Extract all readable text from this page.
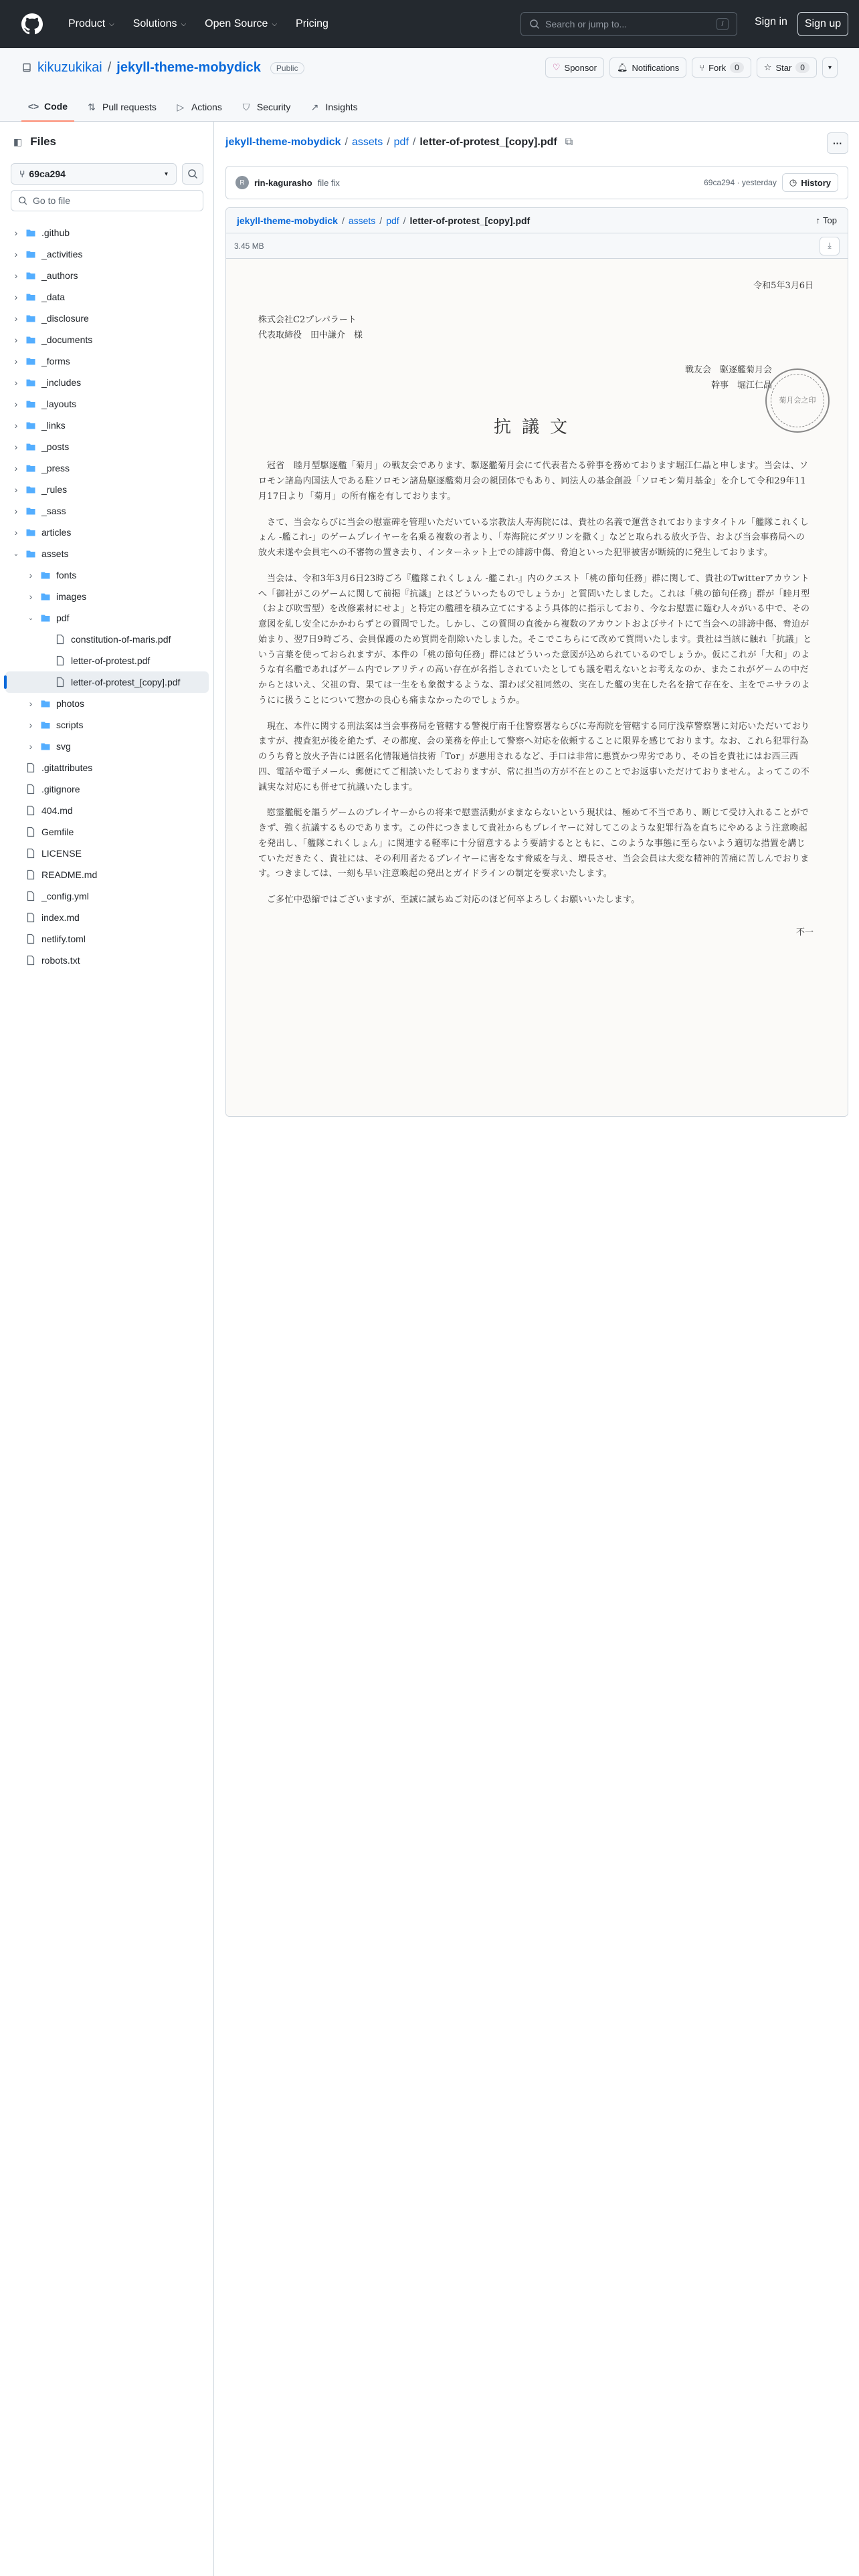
Product ⌵ Solutions ⌵ Open Source ⌵ Pricing	Search or jump to...	/	Sign in	Sign up
kikuzukikai / jekyll-theme-mobydick	Public	♡ Sponsor 🔔︎ Notifications ⑂ Fork	0	☆ Star	0	▾
<> Code ⇅ Pull requests ▷ Actions ⛉ Security ↗ Insights
◧ Files
⑂ 69ca294	▾
Go to file
›	.github
›	_activities
›	_authors
›	_data
›	_disclosure
›	_documents
›	_forms
›	_includes
›	_layouts
›	_links
›	_posts
›	_press
›	_rules
›	_sass
›	articles
⌄ assets
›	fonts
›	images
⌄ pdf
constitution-of-maris.pdf
letter-of-protest.pdf
letter-of-protest_[copy].pdf
›	photos
›	scripts
›	svg
.gitattributes
.gitignore
404.md
Gemfile
LICENSE
README.md
_config.yml
index.md
netlify.toml
robots.txt
jekyll-theme-mobydick / assets / pdf / letter-of-protest_[copy].pdf ⧉	···
R	rin-kagurasho file fix	69ca294 · yesterday ◷ History
jekyll-theme-mobydick / assets / pdf / letter-of-protest_[copy].pdf	↑ Top
3.45 MB	⤓
令和5年3月6日
株式会社C2プレパラート
代表取締役　田中謙介　様
戦友会　駆逐艦菊月会
幹事　堀江仁晶
菊月会之印
抗議文
冠省　睦月型駆逐艦「菊月」の戦友会であります、駆逐艦菊月会にて代表者たる幹事を務めております堀江仁晶と申します。当会は、ソロモン諸島内国法人である駐ソロモン諸島駆逐艦菊月会の親団体でもあり、同法人の基金創設「ソロモン菊月基金」を介して令和29年11月17日より「菊月」の所有権を有しております。
さて、当会ならびに当会の慰霊碑を管理いただいている宗教法人寿海院には、貴社の名義で運営されておりますタイトル「艦隊これくしょん -艦これ-」のゲームプレイヤーを名乗る複数の者より、「寿海院にダツリンを撒く」などと取られる放火予告、および当会事務局への放火未遂や会員宅への不審物の置き去り、インターネット上での誹謗中傷、脅迫といった犯罪被害が断続的に発生しております。
当会は、令和3年3月6日23時ごろ『艦隊これくしょん -艦これ-』内のクエスト「桃の節句任務」群に関して、貴社のTwitterアカウントへ「御社がこのゲームに関して前掲『抗議』とはどういったものでしょうか」と質問いたしました。これは「桃の節句任務」群が「睦月型（および吹雪型）を改修素材にせよ」と特定の艦種を積み立てにするよう具体的に指示しており、今なお慰霊に臨む人々がいる中で、その意図を糺し安全にかかわらずとの質問でした。しかし、この質問の直後から複数のアカウントおよびサイトにて当会への誹謗中傷、脅迫が始まり、翌7日9時ごろ、会員保護のため質問を削除いたしました。そこでこちらにて改めて質問いたします。貴社は当該に触れ「抗議」という言葉を使っておられますが、本件の「桃の節句任務」群にはどういった意図が込められているのでしょうか。仮にこれが「大和」のような有名艦であればゲーム内でレアリティの高い存在が名指しされていたとしても議を唱えないとお考えなのか、またこれがゲームの中だからとはいえ、父祖の背、果ては一生をも象徴するような、謂わば父祖同然の、実在した艦の実在した名を捨て存在を、主をでニサラのようにに扱うことについて惣かの良心も痛まなかったのでしょうか。
現在、本件に関する刑法案は当会事務局を管轄する警視庁南千住警察署ならびに寿海院を管轄する同庁浅草警察署に対応いただいておりますが、捜査犯が後を絶たず、その都度、会の業務を停止して警察へ対応を依頼することに限界を感じております。なお、これら犯罪行為のうち脅と放火予告には匿名化情報通信技術「Tor」が悪用されるなど、手口は非常に悪質かつ卑劣であり、その旨を貴社にはお西三西四、電話や電子メール、郵便にてご相談いたしておりますが、常に担当の方が不在とのことでお返事いただけておりません。よってこの不誠実な対応にも併せて抗議いたします。
慰霊艦艇を謳うゲームのプレイヤーからの将来で慰霊活動がままならないという現状は、極めて不当であり、断じて受け入れることができず、強く抗議するものであります。この件につきまして貴社からもプレイヤーに対してこのような犯罪行為を直ちにやめるよう注意喚起を発出し、「艦隊これくしょん」に関連する軽率に十分留意するよう要請するとともに、このような事態に至らないよう適切な措置を講じていただきたく、貴社には、その利用者たるプレイヤーに害をなす脅威を与え、増長させ、当会会員は大変な精神的苦痛に苦しんでおります。つきましては、一刻も早い注意喚起の発出とガイドラインの制定を要求いたします。
ご多忙中恐縮ではございますが、至誠に誠ちぬご対応のほど何卒よろしくお願いいたします。
不一
